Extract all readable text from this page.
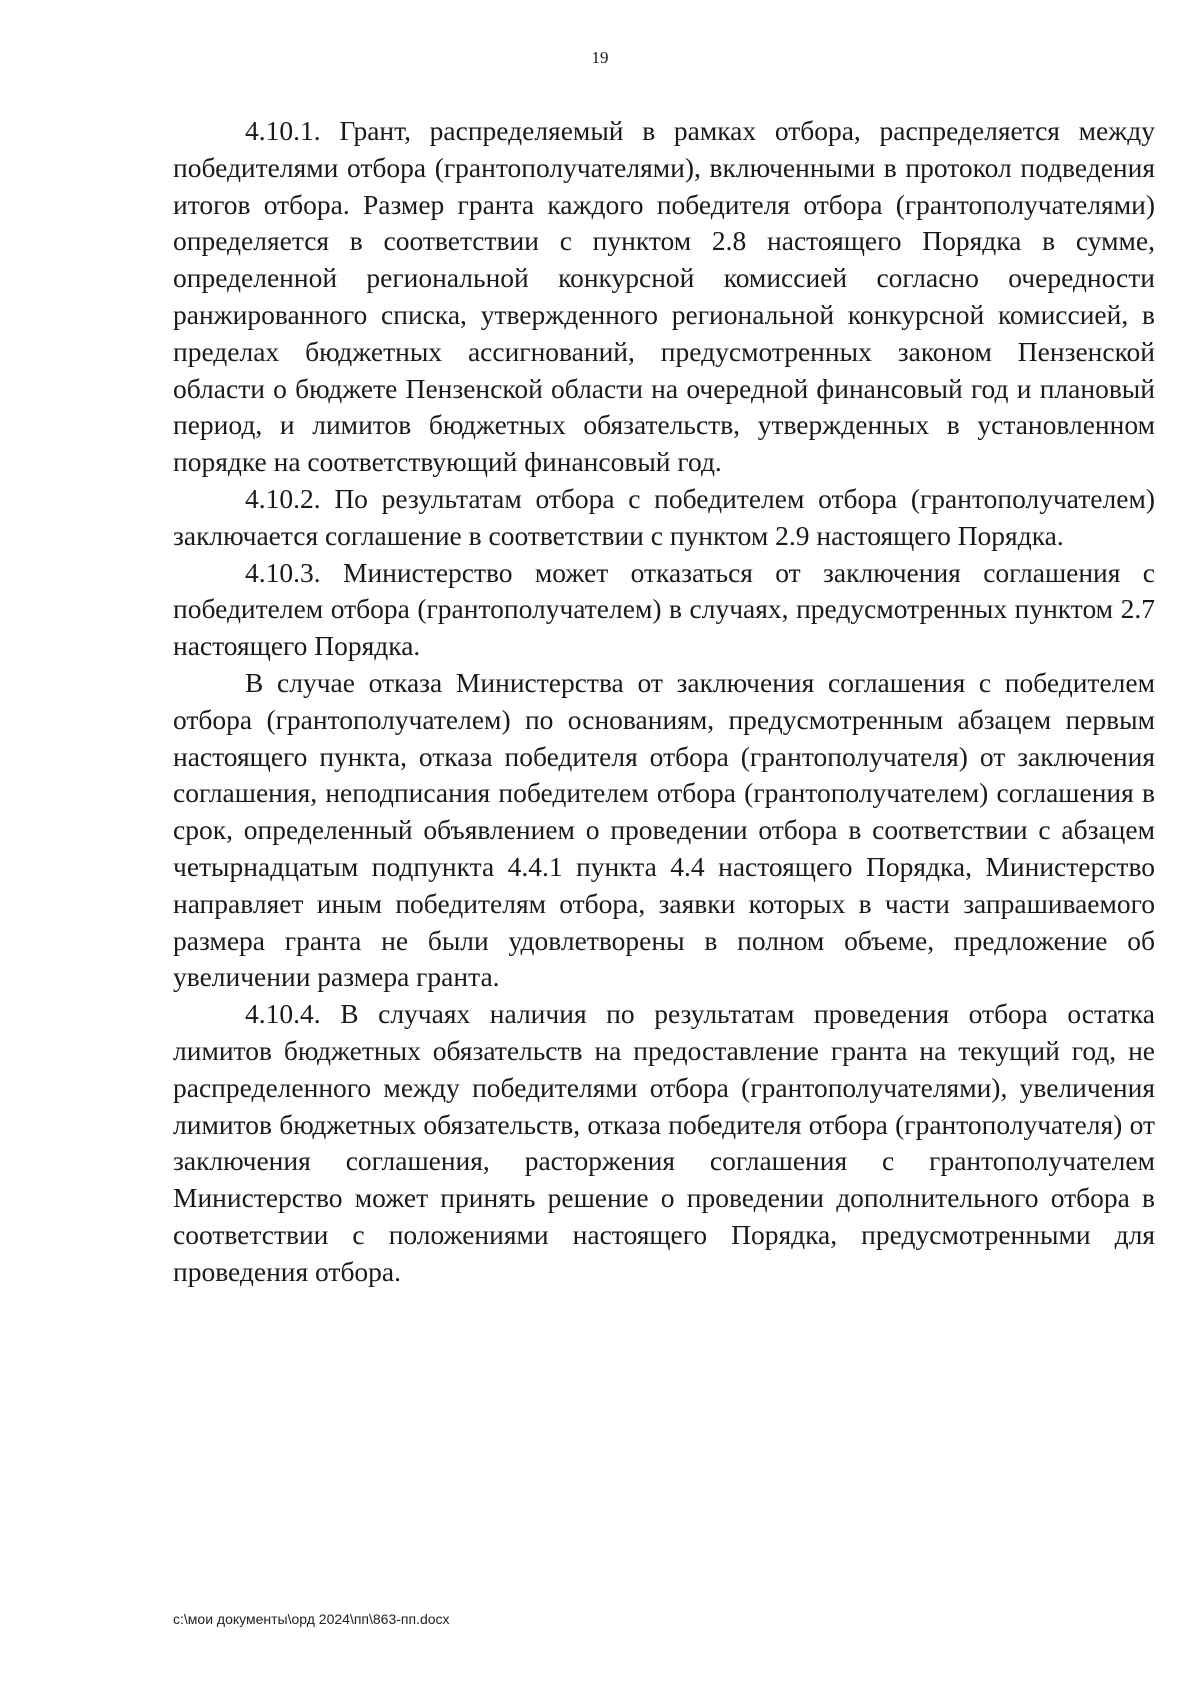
19

4.10.1. Грант, распределяемый в рамках отбора, распределяется между победителями отбора (грантополучателями), включенными в протокол подведения итогов отбора. Размер гранта каждого победителя отбора (грантополучателями) определяется в соответствии с пунктом 2.8 настоящего Порядка в сумме, определенной региональной конкурсной комиссией согласно очередности ранжированного списка, утвержденного региональной конкурсной комиссией, в пределах бюджетных ассигнований, предусмотренных законом Пензенской области о бюджете Пензенской области на очередной финансовый год и плановый период, и лимитов бюджетных обязательств, утвержденных в установленном порядке на соответствующий финансовый год.

4.10.2. По результатам отбора с победителем отбора (грантополучателем) заключается соглашение в соответствии с пунктом 2.9 настоящего Порядка.

4.10.3. Министерство может отказаться от заключения соглашения с победителем отбора (грантополучателем) в случаях, предусмотренных пунктом 2.7 настоящего Порядка.

В случае отказа Министерства от заключения соглашения с победителем отбора (грантополучателем) по основаниям, предусмотренным абзацем первым настоящего пункта, отказа победителя отбора (грантополучателя) от заключения соглашения, неподписания победителем отбора (грантополучателем) соглашения в срок, определенный объявлением о проведении отбора в соответствии с абзацем четырнадцатым подпункта 4.4.1 пункта 4.4 настоящего Порядка, Министерство направляет иным победителям отбора, заявки которых в части запрашиваемого размера гранта не были удовлетворены в полном объеме, предложение об увеличении размера гранта.

4.10.4. В случаях наличия по результатам проведения отбора остатка лимитов бюджетных обязательств на предоставление гранта на текущий год, не распределенного между победителями отбора (грантополучателями), увеличения лимитов бюджетных обязательств, отказа победителя отбора (грантополучателя) от заключения соглашения, расторжения соглашения с грантополучателем Министерство может принять решение о проведении дополнительного отбора в соответствии с положениями настоящего Порядка, предусмотренными для проведения отбора.

c:\мои документы\орд 2024\пп\863-пп.docx
